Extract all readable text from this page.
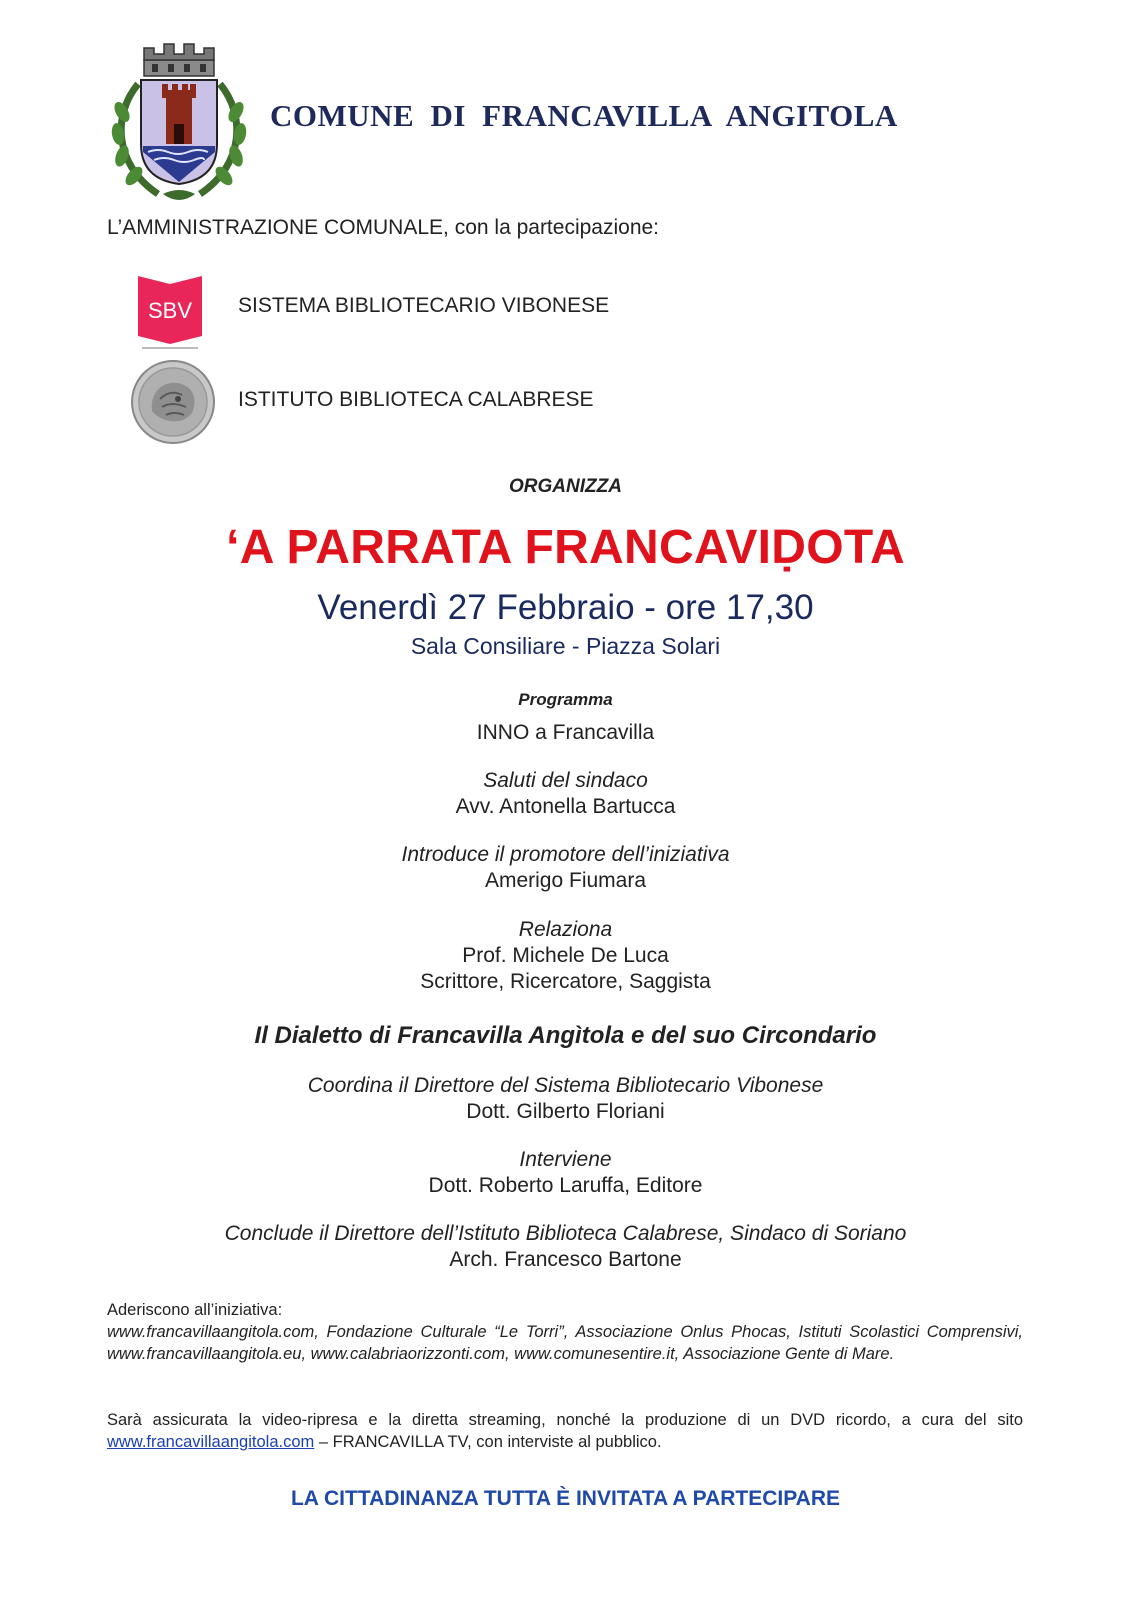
COMUNE DI FRANCAVILLA ANGITOLA
L’AMMINISTRAZIONE COMUNALE, con la partecipazione:
SBV SISTEMA BIBLIOTECARIO VIBONESE
ISTITUTO BIBLIOTECA CALABRESE
ORGANIZZA
‘A PARRATA FRANCAVIḌOTA
Venerdì 27 Febbraio - ore 17,30
Sala Consiliare - Piazza Solari
Programma
INNO a Francavilla
Saluti del sindaco
Avv. Antonella Bartucca
Introduce il promotore dell’iniziativa
Amerigo Fiumara
Relaziona
Prof. Michele De Luca
Scrittore, Ricercatore, Saggista
Il Dialetto di Francavilla Angìtola e del suo Circondario
Coordina il Direttore del Sistema Bibliotecario Vibonese
Dott. Gilberto Floriani
Interviene
Dott. Roberto Laruffa, Editore
Conclude il Direttore dell’Istituto Biblioteca Calabrese, Sindaco di Soriano
Arch. Francesco Bartone
Aderiscono all’iniziativa:
www.francavillaangitola.com, Fondazione Culturale “Le Torri”, Associazione Onlus Phocas, Istituti Scolastici Comprensivi, www.francavillaangitola.eu, www.calabriaorizzonti.com, www.comunesentire.it, Associazione Gente di Mare.
Sarà assicurata la video-ripresa e la diretta streaming, nonché la produzione di un DVD ricordo, a cura del sito www.francavillaangitola.com – FRANCAVILLA TV, con interviste al pubblico.
LA CITTADINANZA TUTTA È INVITATA A PARTECIPARE
